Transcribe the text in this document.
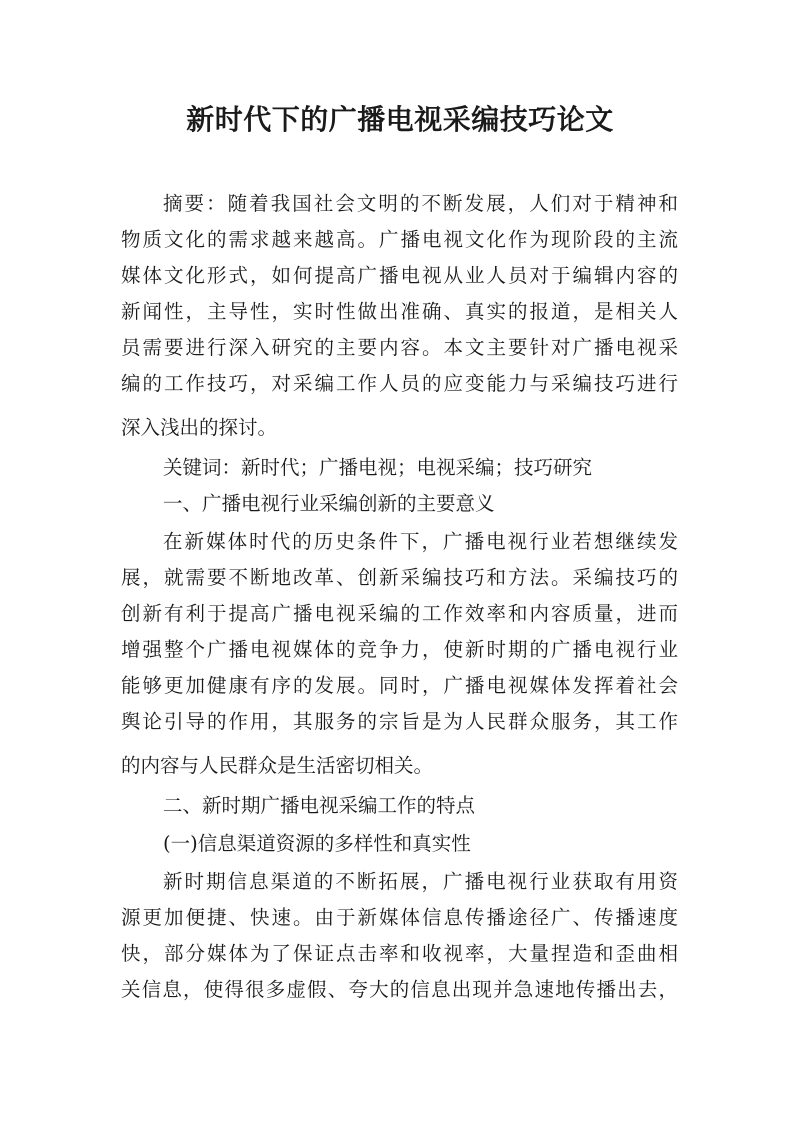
新时代下的广播电视采编技巧论文
摘要：随着我国社会文明的不断发展，人们对于精神和
物质文化的需求越来越高。广播电视文化作为现阶段的主流
媒体文化形式，如何提高广播电视从业人员对于编辑内容的
新闻性，主导性，实时性做出准确、真实的报道，是相关人
员需要进行深入研究的主要内容。本文主要针对广播电视采
编的工作技巧，对采编工作人员的应变能力与采编技巧进行
深入浅出的探讨。
关键词：新时代；广播电视；电视采编；技巧研究
一、广播电视行业采编创新的主要意义
在新媒体时代的历史条件下，广播电视行业若想继续发
展，就需要不断地改革、创新采编技巧和方法。采编技巧的
创新有利于提高广播电视采编的工作效率和内容质量，进而
增强整个广播电视媒体的竞争力，使新时期的广播电视行业
能够更加健康有序的发展。同时，广播电视媒体发挥着社会
舆论引导的作用，其服务的宗旨是为人民群众服务，其工作
的内容与人民群众是生活密切相关。
二、新时期广播电视采编工作的特点
(一)信息渠道资源的多样性和真实性
新时期信息渠道的不断拓展，广播电视行业获取有用资
源更加便捷、快速。由于新媒体信息传播途径广、传播速度
快，部分媒体为了保证点击率和收视率，大量捏造和歪曲相
关信息，使得很多虚假、夸大的信息出现并急速地传播出去，
